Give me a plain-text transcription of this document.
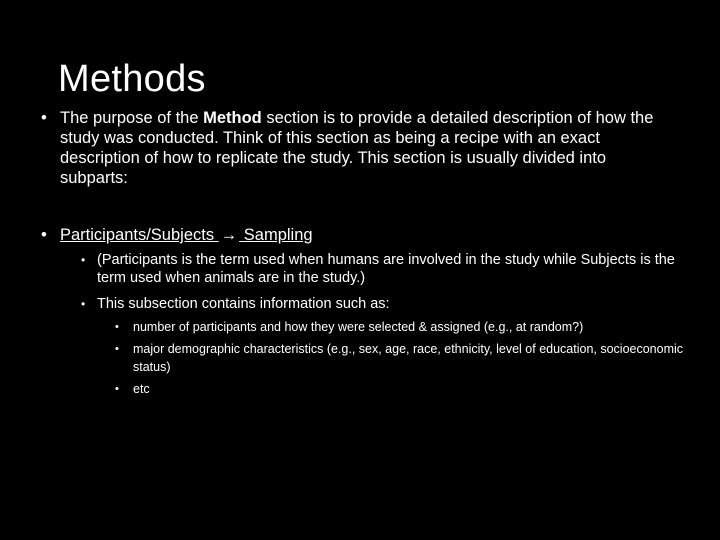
Methods
• The purpose of the Method section is to provide a detailed description of how the study was conducted. Think of this section as being a recipe with an exact description of how to replicate the study. This section is usually divided into subparts:
• Participants/Subjects → Sampling
• (Participants is the term used when humans are involved in the study while Subjects is the term used when animals are in the study.)
• This subsection contains information such as:
• number of participants and how they were selected & assigned (e.g., at random?)
• major demographic characteristics (e.g., sex, age, race, ethnicity, level of education, socioeconomic status)
• etc
